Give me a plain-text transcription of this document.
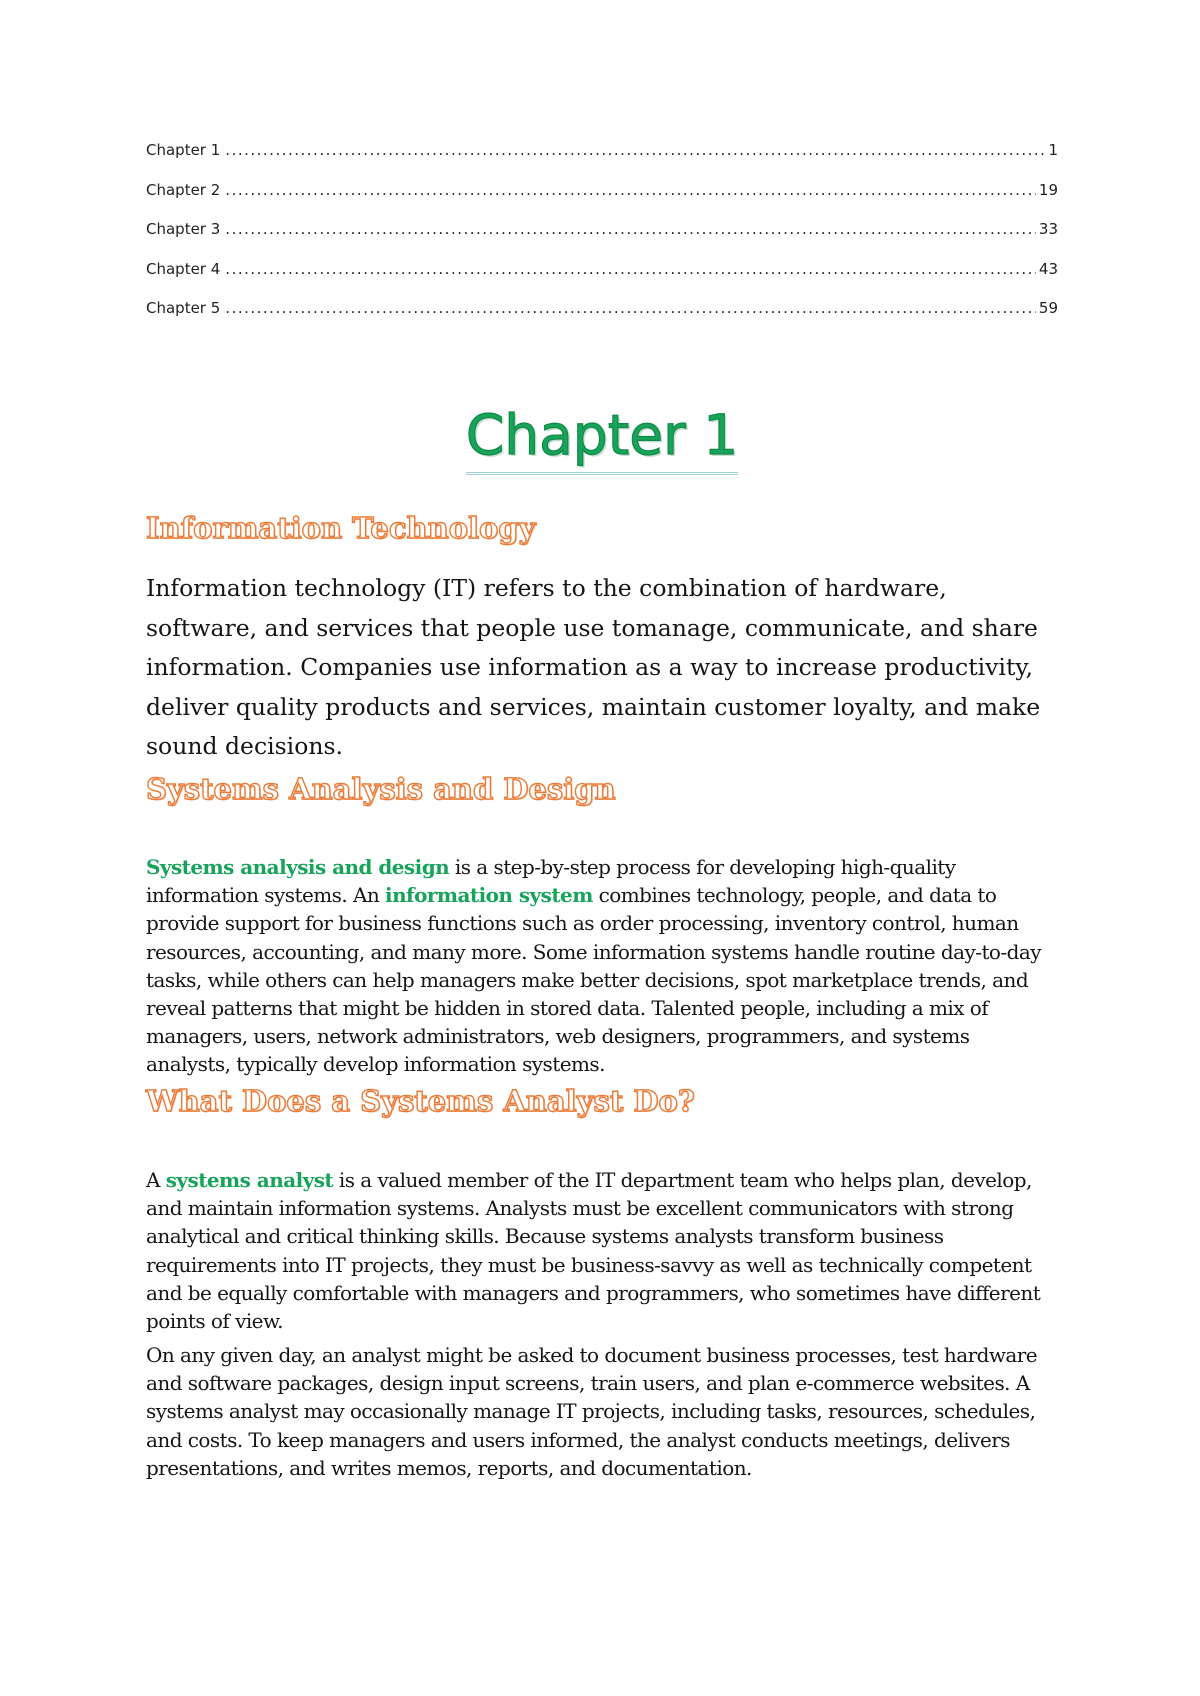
Chapter 1 .....	1
Chapter 2 .....	19
Chapter 3 .....	33
Chapter 4 .....	43
Chapter 5 .....	59
Chapter 1
Information Technology

Information technology (IT) refers to the combination of hardware, software, and services that people use tomanage, communicate, and share information. Companies use information as a way to increase productivity, deliver quality products and services, maintain customer loyalty, and make sound decisions.

Systems Analysis and Design

Systems analysis and design is a step-by-step process for developing high-quality information systems. An information system combines technology, people, and data to provide support for business functions such as order processing, inventory control, human resources, accounting, and many more. Some information systems handle routine day-to-day tasks, while others can help managers make better decisions, spot marketplace trends, and reveal patterns that might be hidden in stored data. Talented people, including a mix of managers, users, network administrators, web designers, programmers, and systems analysts, typically develop information systems.

What Does a Systems Analyst Do?

A systems analyst is a valued member of the IT department team who helps plan, develop, and maintain information systems. Analysts must be excellent communicators with strong analytical and critical thinking skills. Because systems analysts transform business requirements into IT projects, they must be business-savvy as well as technically competent and be equally comfortable with managers and programmers, who sometimes have different points of view.

On any given day, an analyst might be asked to document business processes, test hardware and software packages, design input screens, train users, and plan e-commerce websites. A systems analyst may occasionally manage IT projects, including tasks, resources, schedules, and costs. To keep managers and users informed, the analyst conducts meetings, delivers presentations, and writes memos, reports, and documentation.
